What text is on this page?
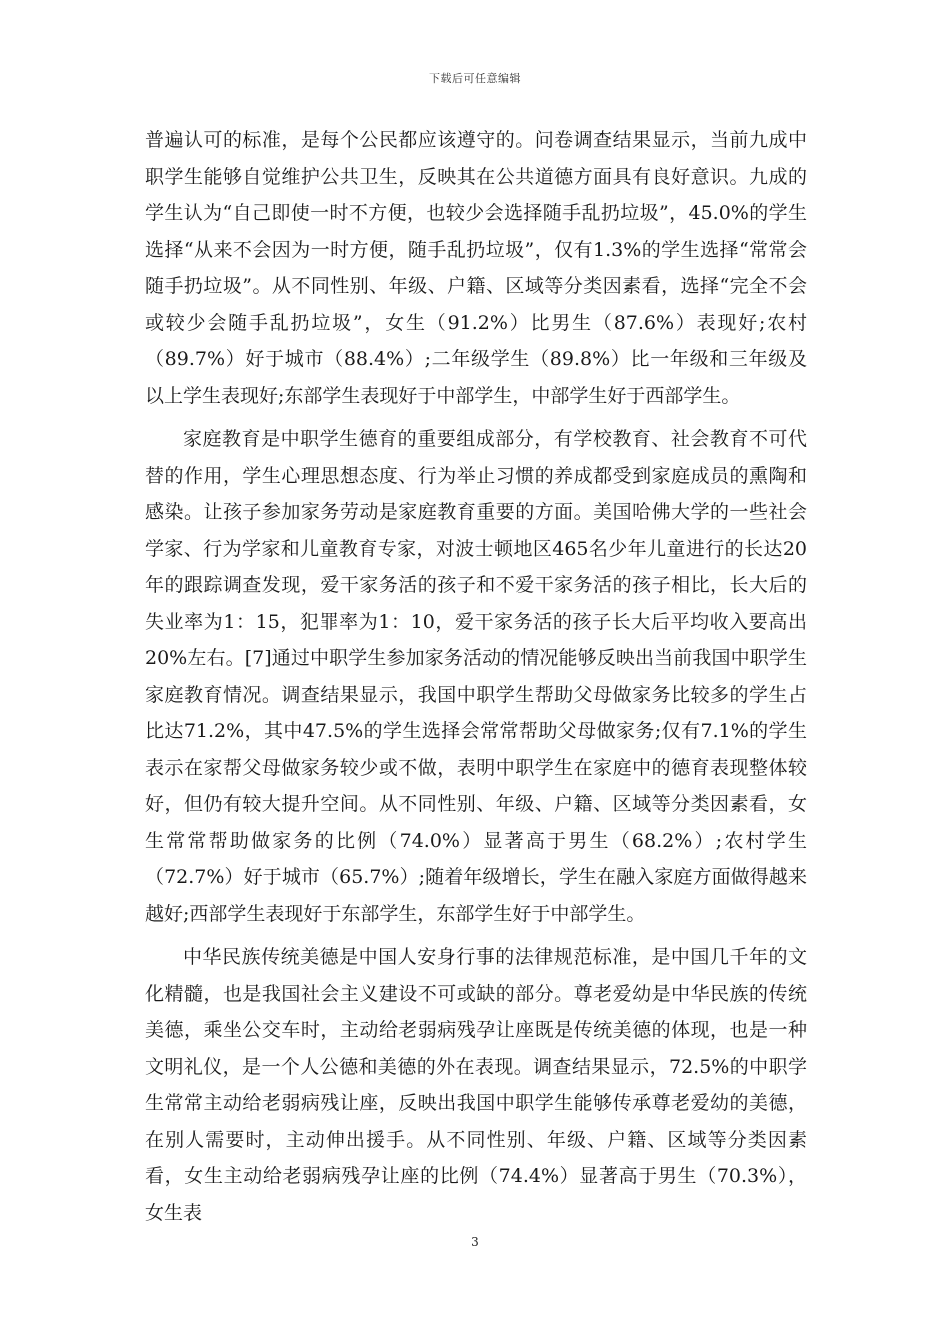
下载后可任意编辑

普遍认可的标准，是每个公民都应该遵守的。问卷调查结果显示，当前九成中职学生能够自觉维护公共卫生，反映其在公共道德方面具有良好意识。九成的学生认为“自己即使一时不方便，也较少会选择随手乱扔垃圾”，45.0%的学生选择“从来不会因为一时方便，随手乱扔垃圾”，仅有1.3%的学生选择“常常会随手扔垃圾”。从不同性别、年级、户籍、区域等分类因素看，选择“完全不会或较少会随手乱扔垃圾”，女生（91.2%）比男生（87.6%）表现好;农村（89.7%）好于城市（88.4%）;二年级学生（89.8%）比一年级和三年级及以上学生表现好;东部学生表现好于中部学生，中部学生好于西部学生。

家庭教育是中职学生德育的重要组成部分，有学校教育、社会教育不可代替的作用，学生心理思想态度、行为举止习惯的养成都受到家庭成员的熏陶和感染。让孩子参加家务劳动是家庭教育重要的方面。美国哈佛大学的一些社会学家、行为学家和儿童教育专家，对波士顿地区465名少年儿童进行的长达20年的跟踪调查发现，爱干家务活的孩子和不爱干家务活的孩子相比，长大后的失业率为1：15，犯罪率为1：10，爱干家务活的孩子长大后平均收入要高出20%左右。[7]通过中职学生参加家务活动的情况能够反映出当前我国中职学生家庭教育情况。调查结果显示，我国中职学生帮助父母做家务比较多的学生占比达71.2%，其中47.5%的学生选择会常常帮助父母做家务;仅有7.1%的学生表示在家帮父母做家务较少或不做，表明中职学生在家庭中的德育表现整体较好，但仍有较大提升空间。从不同性别、年级、户籍、区域等分类因素看，女生常常帮助做家务的比例（74.0%）显著高于男生（68.2%）;农村学生（72.7%）好于城市（65.7%）;随着年级增长，学生在融入家庭方面做得越来越好;西部学生表现好于东部学生，东部学生好于中部学生。

中华民族传统美德是中国人安身行事的法律规范标准，是中国几千年的文化精髓，也是我国社会主义建设不可或缺的部分。尊老爱幼是中华民族的传统美德，乘坐公交车时，主动给老弱病残孕让座既是传统美德的体现，也是一种文明礼仪，是一个人公德和美德的外在表现。调查结果显示，72.5%的中职学生常常主动给老弱病残让座，反映出我国中职学生能够传承尊老爱幼的美德，在别人需要时，主动伸出援手。从不同性别、年级、户籍、区域等分类因素看，女生主动给老弱病残孕让座的比例（74.4%）显著高于男生（70.3%），女生表

3
